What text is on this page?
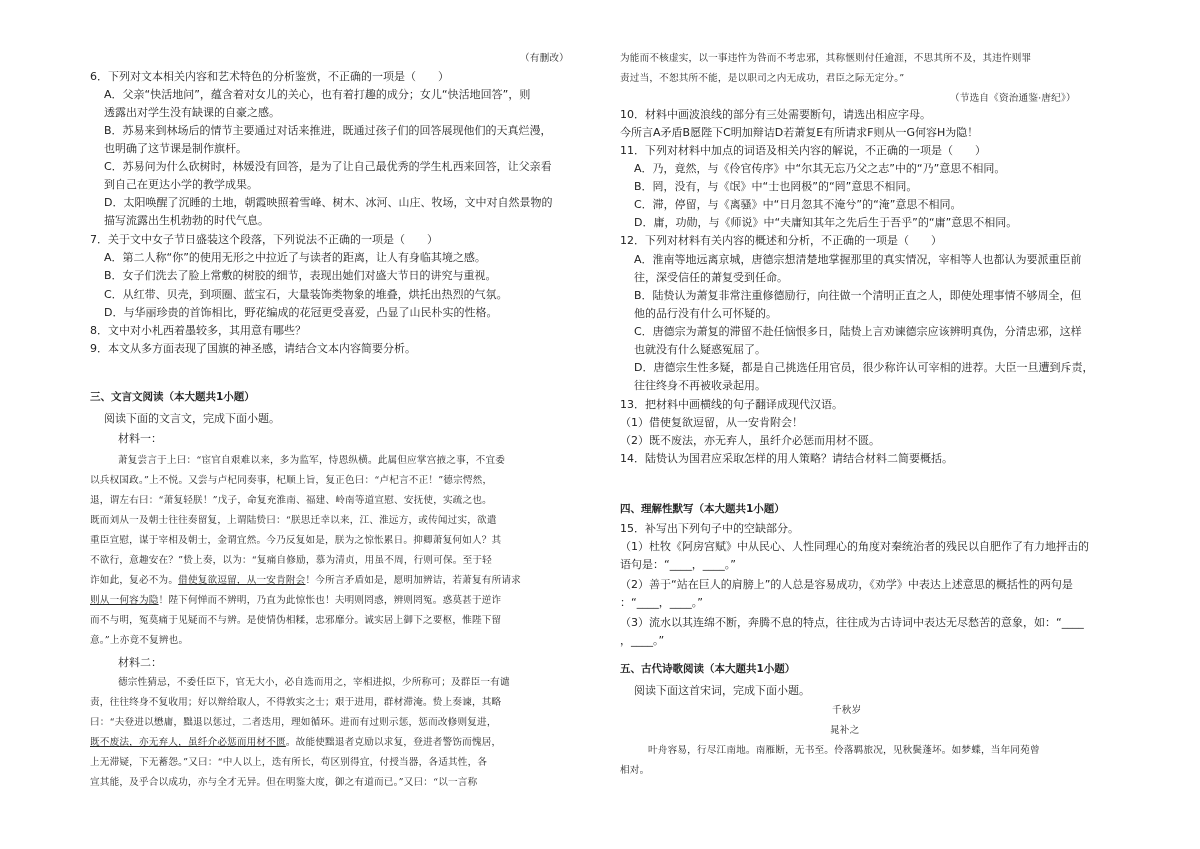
（有删改）
6．下列对文本相关内容和艺术特色的分析鉴赏，不正确的一项是（　　）
A．父亲“快活地问”，蕴含着对女儿的关心，也有着打趣的成分；女儿“快活地回答”，则
透露出对学生没有缺课的自豪之感。
B．苏易来到林场后的情节主要通过对话来推进，既通过孩子们的回答展现他们的天真烂漫，
也明确了这节课是制作旗杆。
C．苏易问为什么砍树时，林媛没有回答，是为了让自己最优秀的学生札西来回答，让父亲看
到自己在更达小学的教学成果。
D．太阳唤醒了沉睡的土地，朝霞映照着雪峰、树木、冰河、山庄、牧场，文中对自然景物的
描写流露出生机勃勃的时代气息。
7．关于文中女子节日盛装这个段落，下列说法不正确的一项是（　　）
A．第二人称“你”的使用无形之中拉近了与读者的距离，让人有身临其境之感。
B．女子们洗去了脸上常敷的树胶的细节，表现出她们对盛大节日的讲究与重视。
C．从红带、贝壳，到项圈、蓝宝石，大量装饰类物象的堆叠，烘托出热烈的气氛。
D．与华丽珍贵的首饰相比，野花编成的花冠更受喜爱，凸显了山民朴实的性格。
8．文中对小札西着墨较多，其用意有哪些？
9．本文从多方面表现了国旗的神圣感，请结合文本内容简要分析。
三、文言文阅读（本大题共1小题）
阅读下面的文言文，完成下面小题。
材料一：
萧复尝言于上曰：“宦官自艰难以来，多为监军，恃恩纵横。此属但应掌宫掖之事，不宜委
以兵权国政。”上不悦。又尝与卢杞同奏事，杞顺上旨，复正色曰：“卢杞言不正！”德宗愕然，
退，谓左右曰：“萧复轻朕！”戊子，命复充淮南、福建、岭南等道宣慰、安抚使，实疏之也。
既而刘从一及朝士往往奏留复，上谓陆贽曰：“朕思迁幸以来，江、淮远方，或传闻过实，欲遣
重臣宣慰，谋于宰相及朝士，金谓宜然。今乃反复如是，朕为之惊怅累日。抑卿萧复何如人？其
不欲行，意趣安在？”贽上奏，以为：“复痛自修励，慕为清贞，用虽不周，行则可保。至于轻
诈如此，复必不为。借使复欲逗留，从一安肯附会！今所言矛盾如是，愿明加辨诘，若萧复有所请求
则从一何容为隐！陛下何惮而不辨明，乃直为此惊怅也！夫明则罔惑，辨则罔冤。惑莫甚于逆诈
而不与明，冤莫痛于见疑而不与辨。是使情伪相糅，忠邪靡分。诚实居上御下之要枢，惟陛下留
意。”上亦竟不复辨也。
材料二：
德宗性猜忌，不委任臣下，官无大小，必自选而用之，宰相进拟，少所称可；及群臣一有谴
责，往往终身不复收用；好以辩给取人，不得敦实之士；艰于进用，群材滞淹。贽上奏谏，其略
曰：“夫登进以懋庸，黜退以惩过，二者迭用，理如循环。进而有过则示惩，惩而改修则复进，
既不废法，亦无弃人，虽纤介必惩而用材不匮。故能使黜退者克励以求复，登进者警饬而愧居，
上无滞疑，下无蓄怨。”又曰：“中人以上，迭有所长，苟区别得宜，付授当器，各适其性，各
宣其能，及乎合以成功，亦与全才无异。但在明鉴大度，御之有道而已。”又曰：“以一言称
为能而不核虚实，以一事违忤为咎而不考忠邪，其称惬则付任逾涯，不思其所不及，其违忤则罪
责过当，不恕其所不能，是以职司之内无成功，君臣之际无定分。”
（节选自《资治通鉴·唐纪》）
10．材料中画波浪线的部分有三处需要断句，请选出相应字母。
今所言A矛盾B愿陛下C明加辩诘D若萧复E有所请求F则从一G何容H为隐！
11．下列对材料中加点的词语及相关内容的解说，不正确的一项是（　　）
A．乃，竟然，与《伶官传序》中“尔其无忘乃父之志”中的“乃”意思不相同。
B．罔，没有，与《氓》中“士也罔极”的“罔”意思不相同。
C．滞，停留，与《离骚》中“日月忽其不淹兮”的“淹”意思不相同。
D．庸，功勋，与《师说》中“夫庸知其年之先后生于吾乎”的“庸”意思不相同。
12．下列对材料有关内容的概述和分析，不正确的一项是（　　）
A．淮南等地远离京城，唐德宗想清楚地掌握那里的真实情况，宰相等人也都认为要派重臣前
往，深受信任的萧复受到任命。
B．陆贽认为萧复非常注重修德励行，向往做一个清明正直之人，即使处理事情不够周全，但
他的品行没有什么可怀疑的。
C．唐德宗为萧复的滞留不赴任恼恨多日，陆贽上言劝谏德宗应该辨明真伪，分清忠邪，这样
也就没有什么疑惑冤屈了。
D．唐德宗生性多疑，都是自己挑选任用官员，很少称许认可宰相的进荐。大臣一旦遭到斥责，
往往终身不再被收录起用。
13．把材料中画横线的句子翻译成现代汉语。
（1）借使复欲逗留，从一安肯附会！
（2）既不废法，亦无弃人，虽纤介必惩而用材不匮。
14．陆贽认为国君应采取怎样的用人策略？请结合材料二简要概括。
四、理解性默写（本大题共1小题）
15．补写出下列句子中的空缺部分。
（1）杜牧《阿房宫赋》中从民心、人性同理心的角度对秦统治者的残民以自肥作了有力地抨击的
语句是：“____，____。”
（2）善于“站在巨人的肩膀上”的人总是容易成功，《劝学》中表达上述意思的概括性的两句是
：“____，____。”
（3）流水以其连绵不断，奔腾不息的特点，往往成为古诗词中表达无尽愁苦的意象，如：“____
，____。”
五、古代诗歌阅读（本大题共1小题）
阅读下面这首宋词，完成下面小题。
千秋岁
晁补之
叶舟容易，行尽江南地。南雁断，无书至。伶落羁旅况，见秋鬓蓬坏。如梦蝶，当年同苑曾
相对。
